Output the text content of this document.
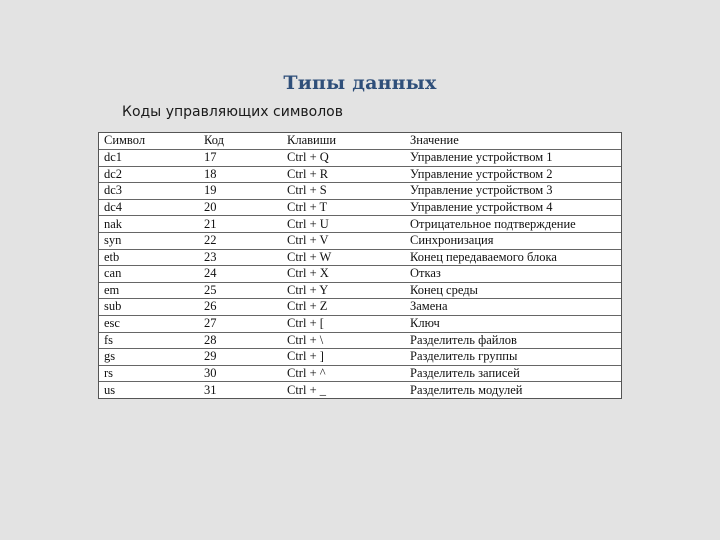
Типы данных
Коды управляющих символов
Символ	Код	Клавиши	Значение
dc1	17	Ctrl + Q	Управление устройством 1
dc2	18	Ctrl + R	Управление устройством 2
dc3	19	Ctrl + S	Управление устройством 3
dc4	20	Ctrl + T	Управление устройством 4
nak	21	Ctrl + U	Отрицательное подтверждение
syn	22	Ctrl + V	Синхронизация
etb	23	Ctrl + W	Конец передаваемого блока
can	24	Ctrl + X	Отказ
em	25	Ctrl + Y	Конец среды
sub	26	Ctrl + Z	Замена
esc	27	Ctrl + [	Ключ
fs	28	Ctrl + \	Разделитель файлов
gs	29	Ctrl + ]	Разделитель группы
rs	30	Ctrl + ^	Разделитель записей
us	31	Ctrl + _	Разделитель модулей
